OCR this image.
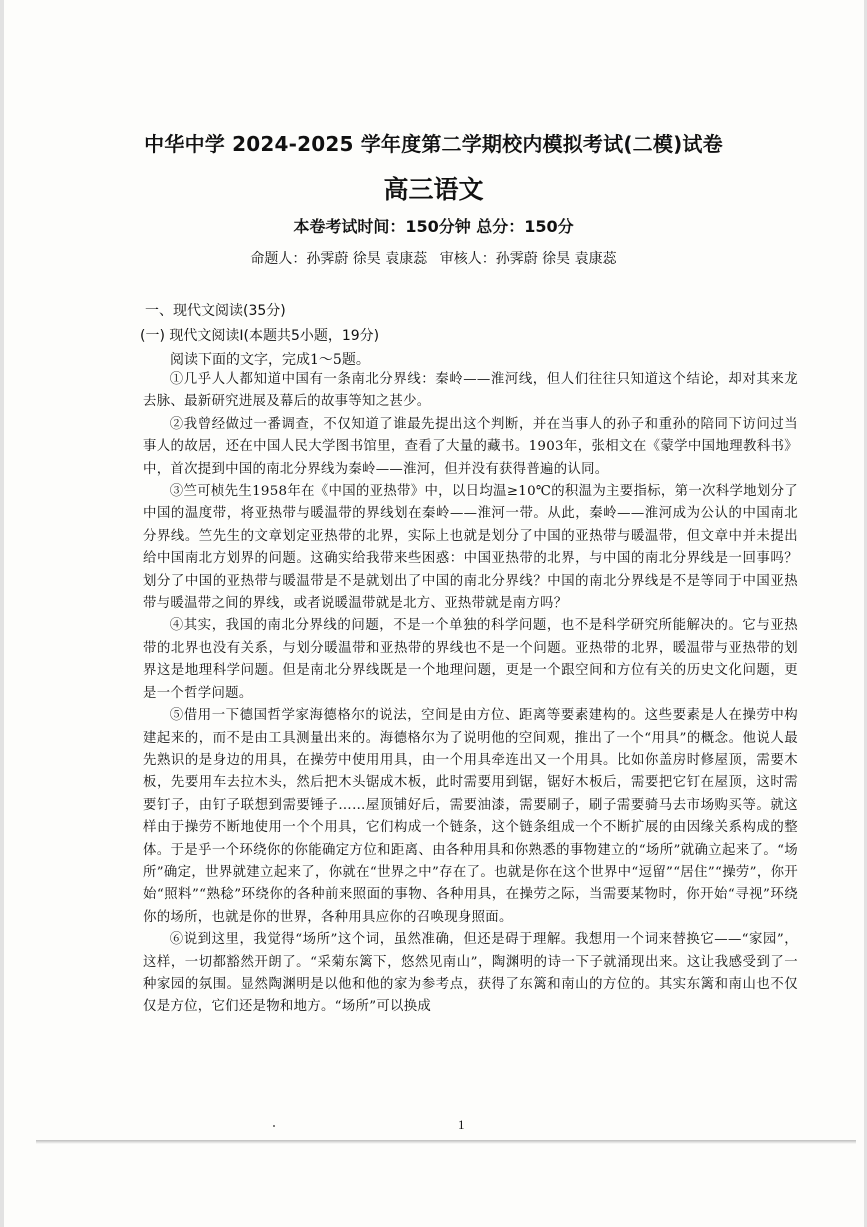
中华中学 2024-2025 学年度第二学期校内模拟考试(二模)试卷
高三语文
本卷考试时间：150分钟 总分：150分
命题人：孙霁蔚 徐昊 袁康蕊 审核人：孙霁蔚 徐昊 袁康蕊
一、现代文阅读(35分)
(一) 现代文阅读Ⅰ(本题共5小题，19分)
阅读下面的文字，完成1～5题。

①几乎人人都知道中国有一条南北分界线：秦岭——淮河线，但人们往往只知道这个结论，却对其来龙去脉、最新研究进展及幕后的故事等知之甚少。

②我曾经做过一番调查，不仅知道了谁最先提出这个判断，并在当事人的孙子和重孙的陪同下访问过当事人的故居，还在中国人民大学图书馆里，查看了大量的藏书。1903年，张相文在《蒙学中国地理教科书》中，首次提到中国的南北分界线为秦岭——淮河，但并没有获得普遍的认同。

③竺可桢先生1958年在《中国的亚热带》中，以日均温≥10℃的积温为主要指标，第一次科学地划分了中国的温度带，将亚热带与暖温带的界线划在秦岭——淮河一带。从此，秦岭——淮河成为公认的中国南北分界线。竺先生的文章划定亚热带的北界，实际上也就是划分了中国的亚热带与暖温带，但文章中并未提出给中国南北方划界的问题。这确实给我带来些困惑：中国亚热带的北界，与中国的南北分界线是一回事吗？划分了中国的亚热带与暖温带是不是就划出了中国的南北分界线？中国的南北分界线是不是等同于中国亚热带与暖温带之间的界线，或者说暖温带就是北方、亚热带就是南方吗？

④其实，我国的南北分界线的问题，不是一个单独的科学问题，也不是科学研究所能解决的。它与亚热带的北界也没有关系，与划分暖温带和亚热带的界线也不是一个问题。亚热带的北界，暖温带与亚热带的划界这是地理科学问题。但是南北分界线既是一个地理问题，更是一个跟空间和方位有关的历史文化问题，更是一个哲学问题。

⑤借用一下德国哲学家海德格尔的说法，空间是由方位、距离等要素建构的。这些要素是人在操劳中构建起来的，而不是由工具测量出来的。海德格尔为了说明他的空间观，推出了一个“用具”的概念。他说人最先熟识的是身边的用具，在操劳中使用用具，由一个用具牵连出又一个用具。比如你盖房时修屋顶，需要木板，先要用车去拉木头，然后把木头锯成木板，此时需要用到锯，锯好木板后，需要把它钉在屋顶，这时需要钉子，由钉子联想到需要锤子……屋顶铺好后，需要油漆，需要刷子，刷子需要骑马去市场购买等。就这样由于操劳不断地使用一个个用具，它们构成一个链条，这个链条组成一个不断扩展的由因缘关系构成的整体。于是乎一个环绕你的你能确定方位和距离、由各种用具和你熟悉的事物建立的“场所”就确立起来了。“场所”确定，世界就建立起来了，你就在“世界之中”存在了。也就是你在这个世界中“逗留”“居住”“操劳”，你开始“照料”“熟稔”环绕你的各种前来照面的事物、各种用具，在操劳之际，当需要某物时，你开始“寻视”环绕你的场所，也就是你的世界，各种用具应你的召唤现身照面。

⑥说到这里，我觉得“场所”这个词，虽然准确，但还是碍于理解。我想用一个词来替换它——“家园”，这样，一切都豁然开朗了。“采菊东篱下，悠然见南山”，陶渊明的诗一下子就涌现出来。这让我感受到了一种家园的氛围。显然陶渊明是以他和他的家为参考点，获得了东篱和南山的方位的。其实东篱和南山也不仅仅是方位，它们还是物和地方。“场所”可以换成

1
